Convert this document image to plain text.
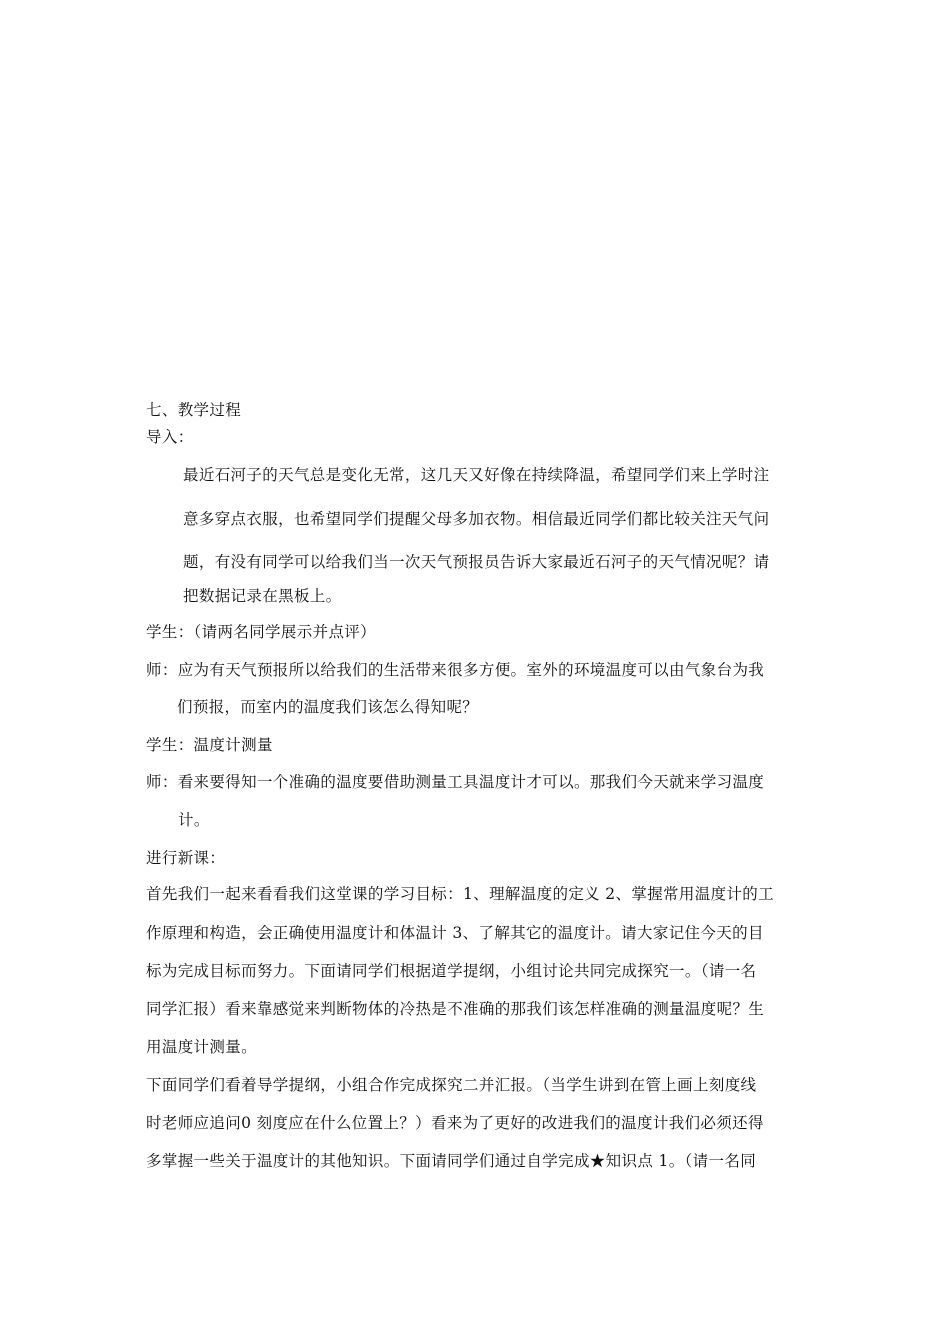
七、教学过程
导入：
最近石河子的天气总是变化无常，这几天又好像在持续降温，希望同学们来上学时注
意多穿点衣服，也希望同学们提醒父母多加衣物。相信最近同学们都比较关注天气问
题，有没有同学可以给我们当一次天气预报员告诉大家最近石河子的天气情况呢？请
把数据记录在黑板上。
学生：（请两名同学展示并点评）
师：应为有天气预报所以给我们的生活带来很多方便。室外的环境温度可以由气象台为我
们预报，而室内的温度我们该怎么得知呢？
学生：温度计测量
师：看来要得知一个准确的温度要借助测量工具温度计才可以。那我们今天就来学习温度
计。
进行新课：
首先我们一起来看看我们这堂课的学习目标：1、理解温度的定义 2、掌握常用温度计的工
作原理和构造，会正确使用温度计和体温计 3、了解其它的温度计。请大家记住今天的目
标为完成目标而努力。下面请同学们根据道学提纲，小组讨论共同完成探究一。（请一名
同学汇报）看来靠感觉来判断物体的冷热是不准确的那我们该怎样准确的测量温度呢？生
用温度计测量。
下面同学们看着导学提纲，小组合作完成探究二并汇报。（当学生讲到在管上画上刻度线
时老师应追问0 刻度应在什么位置上？）看来为了更好的改进我们的温度计我们必须还得
多掌握一些关于温度计的其他知识。下面请同学们通过自学完成★知识点 1。（请一名同
